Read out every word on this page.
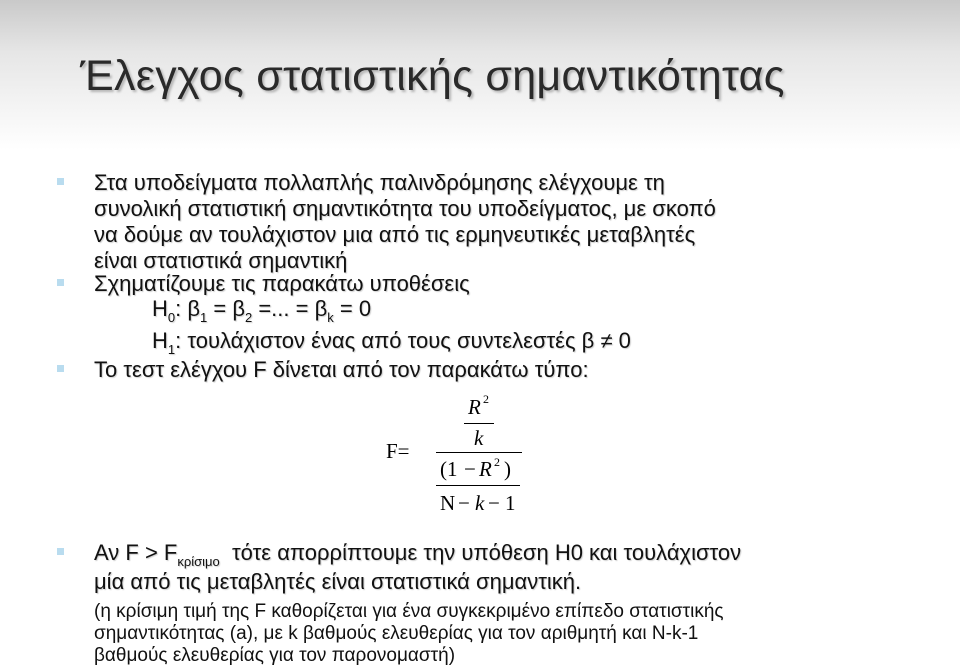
Έλεγχος στατιστικής σημαντικότητας

Στα υποδείγματα πολλαπλής παλινδρόμησης ελέγχουμε τη

συνολική στατιστική σημαντικότητα του υποδείγματος, με σκοπό

να δούμε αν τουλάχιστον μια από τις ερμηνευτικές μεταβλητές

είναι στατιστικά σημαντική

Σχηματίζουμε τις παρακάτω υποθέσεις

$H_0$: $\beta_1 = \beta_2$ =... = $\beta_k = 0$

$H_1$: τουλάχιστον ένας από τους συντελεστές β ≠ 0

Το τεστ ελέγχου F δίνεται από τον παρακάτω τύπο:

F=
R 2
k
(1 − R 2 )
N − k − 1

Αν $F > F_{\kappa\rho ί\sigma\iota\mu o}$  τότε απορρίπτουμε την υπόθεση H0 και τουλάχιστον

μία από τις μεταβλητές είναι στατιστικά σημαντική.

(η κρίσιμη τιμή της F καθορίζεται για ένα συγκεκριμένο επίπεδο στατιστικής

σημαντικότητας (a), με k βαθμούς ελευθερίας για τον αριθμητή και N-k-1

βαθμούς ελευθερίας για τον παρονομαστή)
